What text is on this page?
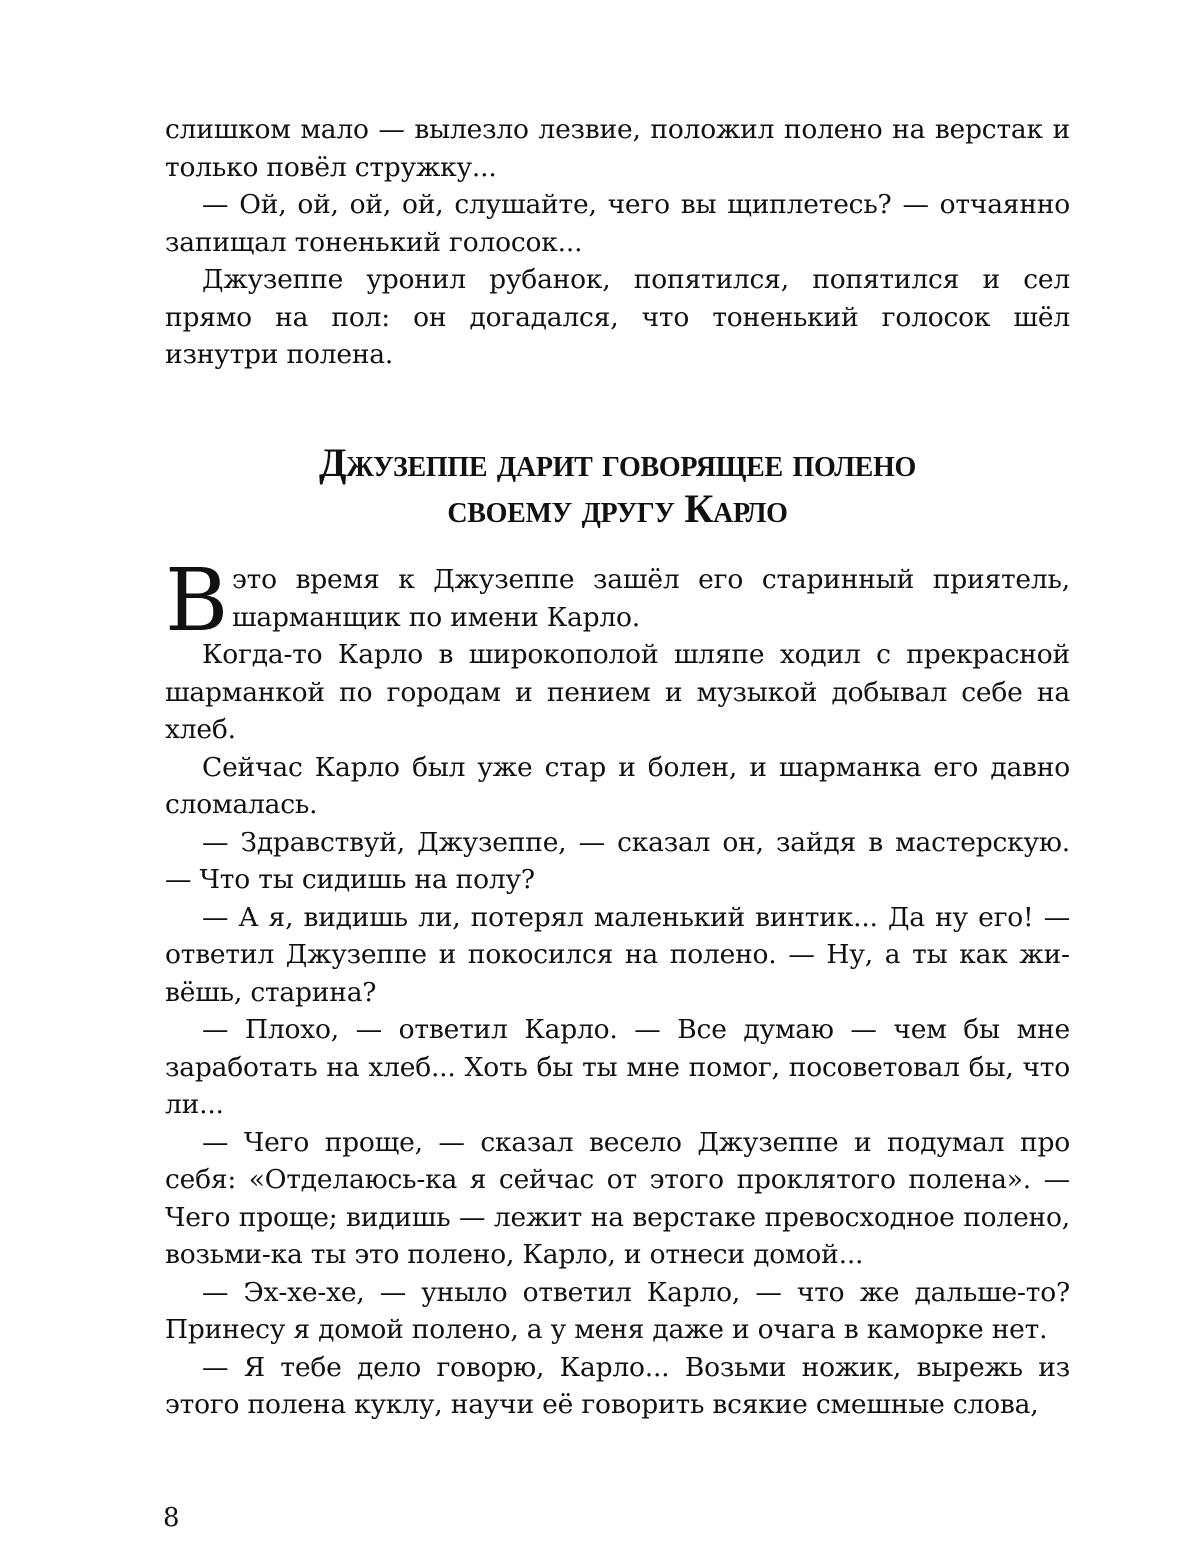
слишком мало — вылезло лезвие, положил полено на верстак и только повёл стружку...

— Ой, ой, ой, ой, слушайте, чего вы щиплетесь? — отчаянно запищал тоненький голосок...

Джузеппе уронил рубанок, попятился, попятился и сел прямо на пол: он догадался, что тоненький голосок шёл изнутри полена.

Джузеппе дарит говорящее полено
своему другу Карло

Вэто время к Джузеппе зашёл его старинный приятель, шарманщик по имени Карло.

Когда-то Карло в широкополой шляпе ходил с прекрасной шарманкой по городам и пением и музыкой добывал себе на хлеб.

Сейчас Карло был уже стар и болен, и шарманка его давно сломалась.

— Здравствуй, Джузеппе, — сказал он, зайдя в мастерскую. — Что ты сидишь на полу?

— А я, видишь ли, потерял маленький винтик... Да ну его! — ответил Джузеппе и покосился на полено. — Ну, а ты как живёшь, старина?

— Плохо, — ответил Карло. — Все думаю — чем бы мне заработать на хлеб... Хоть бы ты мне помог, посоветовал бы, что ли...

— Чего проще, — сказал весело Джузеппе и подумал про себя: «Отделаюсь-ка я сейчас от этого проклятого полена». — Чего проще; видишь — лежит на верстаке превосходное полено, возьми-ка ты это полено, Карло, и отнеси домой...

— Эх-хе-хе, — уныло ответил Карло, — что же дальше-то? Принесу я домой полено, а у меня даже и очага в каморке нет.

— Я тебе дело говорю, Карло... Возьми ножик, вырежь из этого полена куклу, научи её говорить всякие смешные слова,

8
